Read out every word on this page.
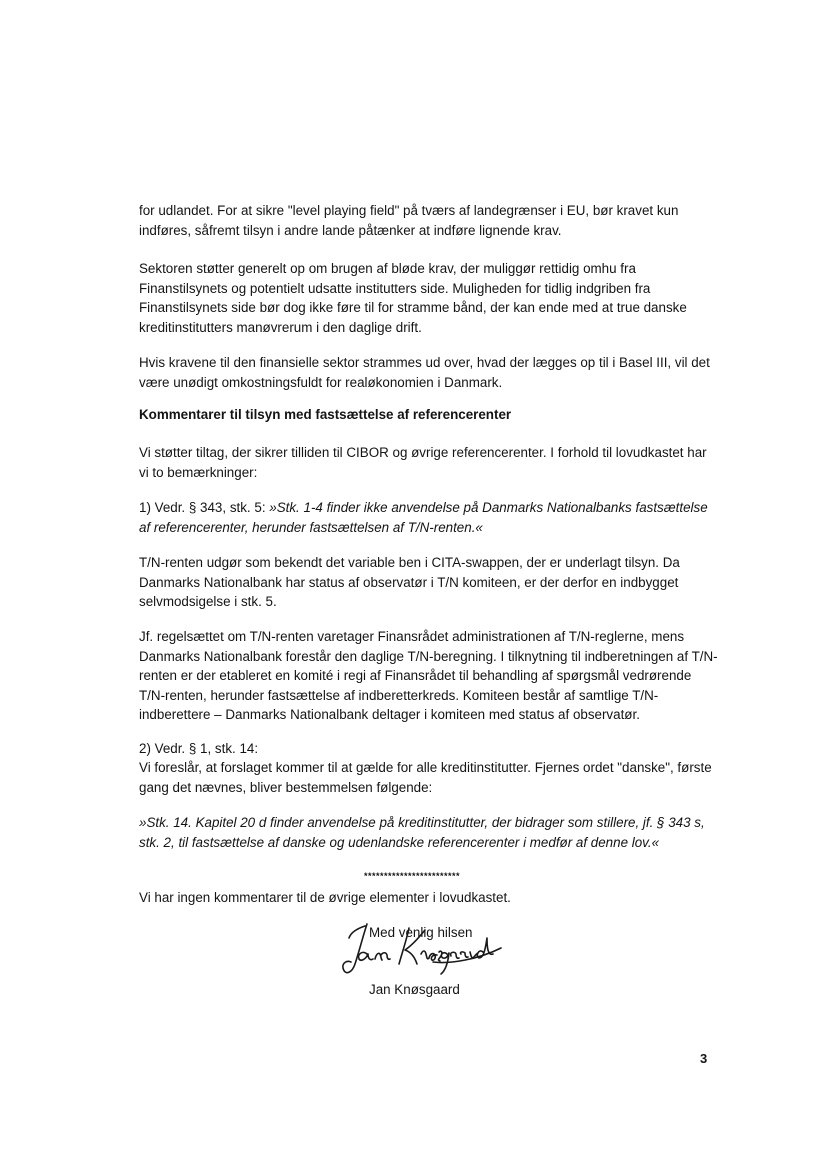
for udlandet. For at sikre "level playing field" på tværs af landegrænser i EU, bør kravet kun indføres, såfremt tilsyn i andre lande påtænker at indføre lignende krav.

Sektoren støtter generelt op om brugen af bløde krav, der muliggør rettidig omhu fra Finanstilsynets og potentielt udsatte institutters side. Muligheden for tidlig indgriben fra Finanstilsynets side bør dog ikke føre til for stramme bånd, der kan ende med at true danske kreditinstitutters manøvrerum i den daglige drift.

Hvis kravene til den finansielle sektor strammes ud over, hvad der lægges op til i Basel III, vil det være unødigt omkostningsfuldt for realøkonomien i Danmark.

Kommentarer til tilsyn med fastsættelse af referencerenter

Vi støtter tiltag, der sikrer tilliden til CIBOR og øvrige referencerenter. I forhold til lovudkastet har vi to bemærkninger:

1) Vedr. § 343, stk. 5: »Stk. 1-4 finder ikke anvendelse på Danmarks Nationalbanks fastsættelse af referencerenter, herunder fastsættelsen af T/N-renten.«

T/N-renten udgør som bekendt det variable ben i CITA-swappen, der er underlagt tilsyn. Da Danmarks Nationalbank har status af observatør i T/N komiteen, er der derfor en indbygget selvmodsigelse i stk. 5.

Jf. regelsættet om T/N-renten varetager Finansrådet administrationen af T/N-reglerne, mens Danmarks Nationalbank forestår den daglige T/N-beregning. I tilknytning til indberetningen af T/N-renten er der etableret en komité i regi af Finansrådet til behandling af spørgsmål vedrørende T/N-renten, herunder fastsættelse af indberetterkreds. Komiteen består af samtlige T/N-indberettere – Danmarks Nationalbank deltager i komiteen med status af observatør.

2) Vedr. § 1, stk. 14:

Vi foreslår, at forslaget kommer til at gælde for alle kreditinstitutter. Fjernes ordet "danske", første gang det nævnes, bliver bestemmelsen følgende:

»Stk. 14. Kapitel 20 d finder anvendelse på kreditinstitutter, der bidrager som stillere, jf. § 343 s, stk. 2, til fastsættelse af danske og udenlandske referencerenter i medfør af denne lov.«

************************

Vi har ingen kommentarer til de øvrige elementer i lovudkastet.

Med venlig hilsen
Jan Knøsgaard
3
